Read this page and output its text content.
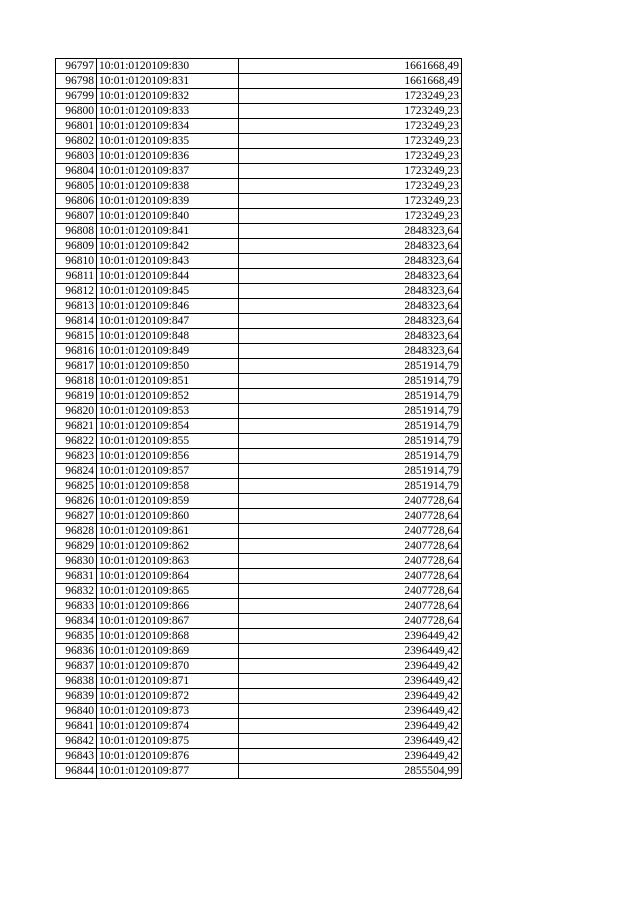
96797	10:01:0120109:830	1661668,49
96798	10:01:0120109:831	1661668,49
96799	10:01:0120109:832	1723249,23
96800	10:01:0120109:833	1723249,23
96801	10:01:0120109:834	1723249,23
96802	10:01:0120109:835	1723249,23
96803	10:01:0120109:836	1723249,23
96804	10:01:0120109:837	1723249,23
96805	10:01:0120109:838	1723249,23
96806	10:01:0120109:839	1723249,23
96807	10:01:0120109:840	1723249,23
96808	10:01:0120109:841	2848323,64
96809	10:01:0120109:842	2848323,64
96810	10:01:0120109:843	2848323,64
96811	10:01:0120109:844	2848323,64
96812	10:01:0120109:845	2848323,64
96813	10:01:0120109:846	2848323,64
96814	10:01:0120109:847	2848323,64
96815	10:01:0120109:848	2848323,64
96816	10:01:0120109:849	2848323,64
96817	10:01:0120109:850	2851914,79
96818	10:01:0120109:851	2851914,79
96819	10:01:0120109:852	2851914,79
96820	10:01:0120109:853	2851914,79
96821	10:01:0120109:854	2851914,79
96822	10:01:0120109:855	2851914,79
96823	10:01:0120109:856	2851914,79
96824	10:01:0120109:857	2851914,79
96825	10:01:0120109:858	2851914,79
96826	10:01:0120109:859	2407728,64
96827	10:01:0120109:860	2407728,64
96828	10:01:0120109:861	2407728,64
96829	10:01:0120109:862	2407728,64
96830	10:01:0120109:863	2407728,64
96831	10:01:0120109:864	2407728,64
96832	10:01:0120109:865	2407728,64
96833	10:01:0120109:866	2407728,64
96834	10:01:0120109:867	2407728,64
96835	10:01:0120109:868	2396449,42
96836	10:01:0120109:869	2396449,42
96837	10:01:0120109:870	2396449,42
96838	10:01:0120109:871	2396449,42
96839	10:01:0120109:872	2396449,42
96840	10:01:0120109:873	2396449,42
96841	10:01:0120109:874	2396449,42
96842	10:01:0120109:875	2396449,42
96843	10:01:0120109:876	2396449,42
96844	10:01:0120109:877	2855504,99
